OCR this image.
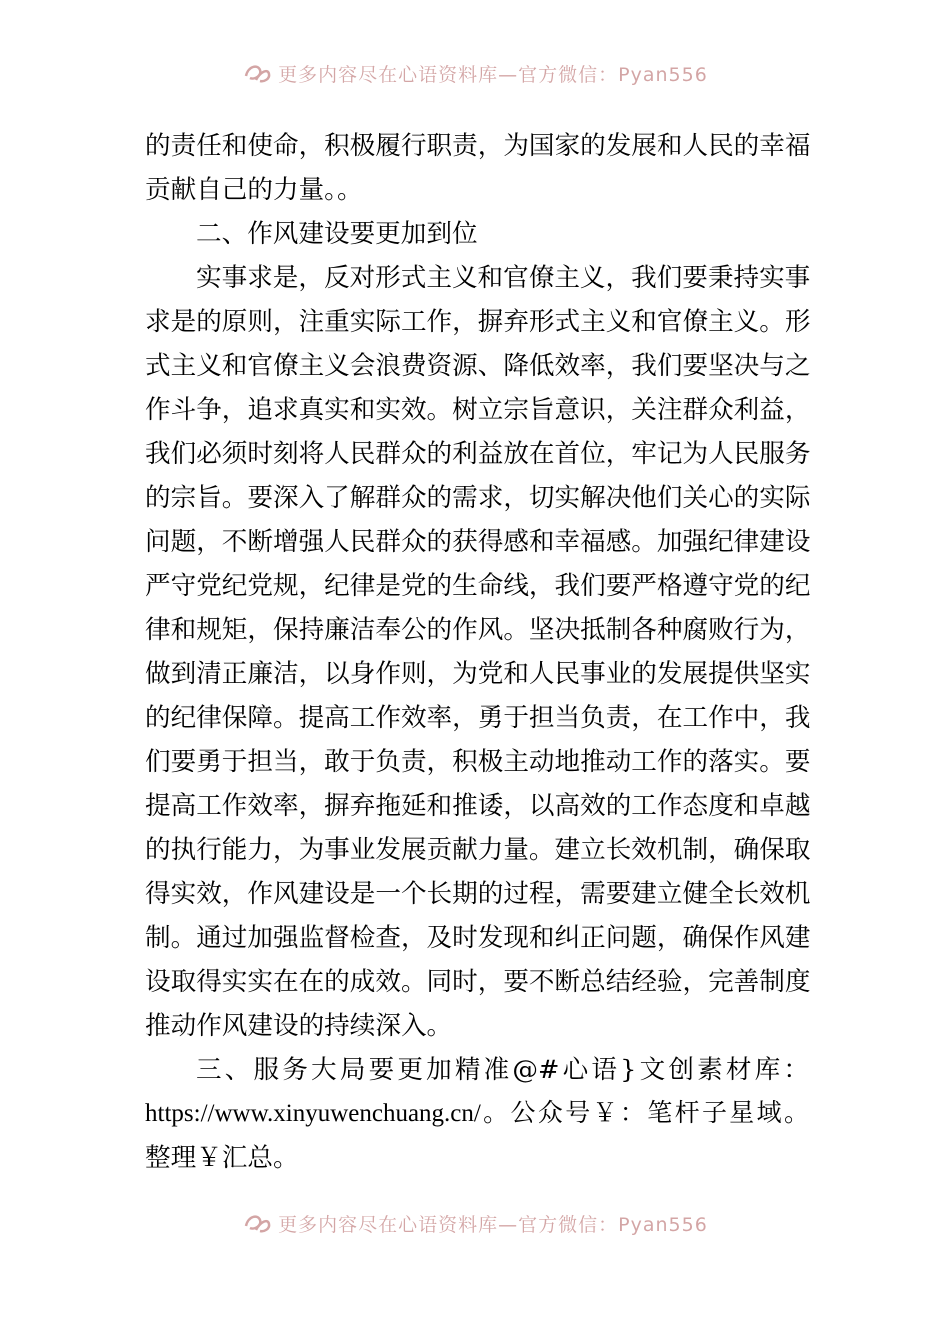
更多内容尽在心语资料库—官方微信：Pyan556
的责任和使命，积极履行职责，为国家的发展和人民的幸福
贡献自己的力量。。
二、作风建设要更加到位
实事求是，反对形式主义和官僚主义，我们要秉持实事
求是的原则，注重实际工作，摒弃形式主义和官僚主义。形
式主义和官僚主义会浪费资源、降低效率，我们要坚决与之
作斗争，追求真实和实效。树立宗旨意识，关注群众利益，
我们必须时刻将人民群众的利益放在首位，牢记为人民服务
的宗旨。要深入了解群众的需求，切实解决他们关心的实际
问题，不断增强人民群众的获得感和幸福感。加强纪律建设
严守党纪党规，纪律是党的生命线，我们要严格遵守党的纪
律和规矩，保持廉洁奉公的作风。坚决抵制各种腐败行为，
做到清正廉洁，以身作则，为党和人民事业的发展提供坚实
的纪律保障。提高工作效率，勇于担当负责，在工作中，我
们要勇于担当，敢于负责，积极主动地推动工作的落实。要
提高工作效率，摒弃拖延和推诿，以高效的工作态度和卓越
的执行能力，为事业发展贡献力量。建立长效机制，确保取
得实效，作风建设是一个长期的过程，需要建立健全长效机
制。通过加强监督检查，及时发现和纠正问题，确保作风建
设取得实实在在的成效。同时，要不断总结经验，完善制度
推动作风建设的持续深入。
三、服务大局要更加精准@#心语}文创素材库：
https://www.xinyuwenchuang.cn/。公众号￥：笔杆子星域。
整理￥汇总。
更多内容尽在心语资料库—官方微信：Pyan556
